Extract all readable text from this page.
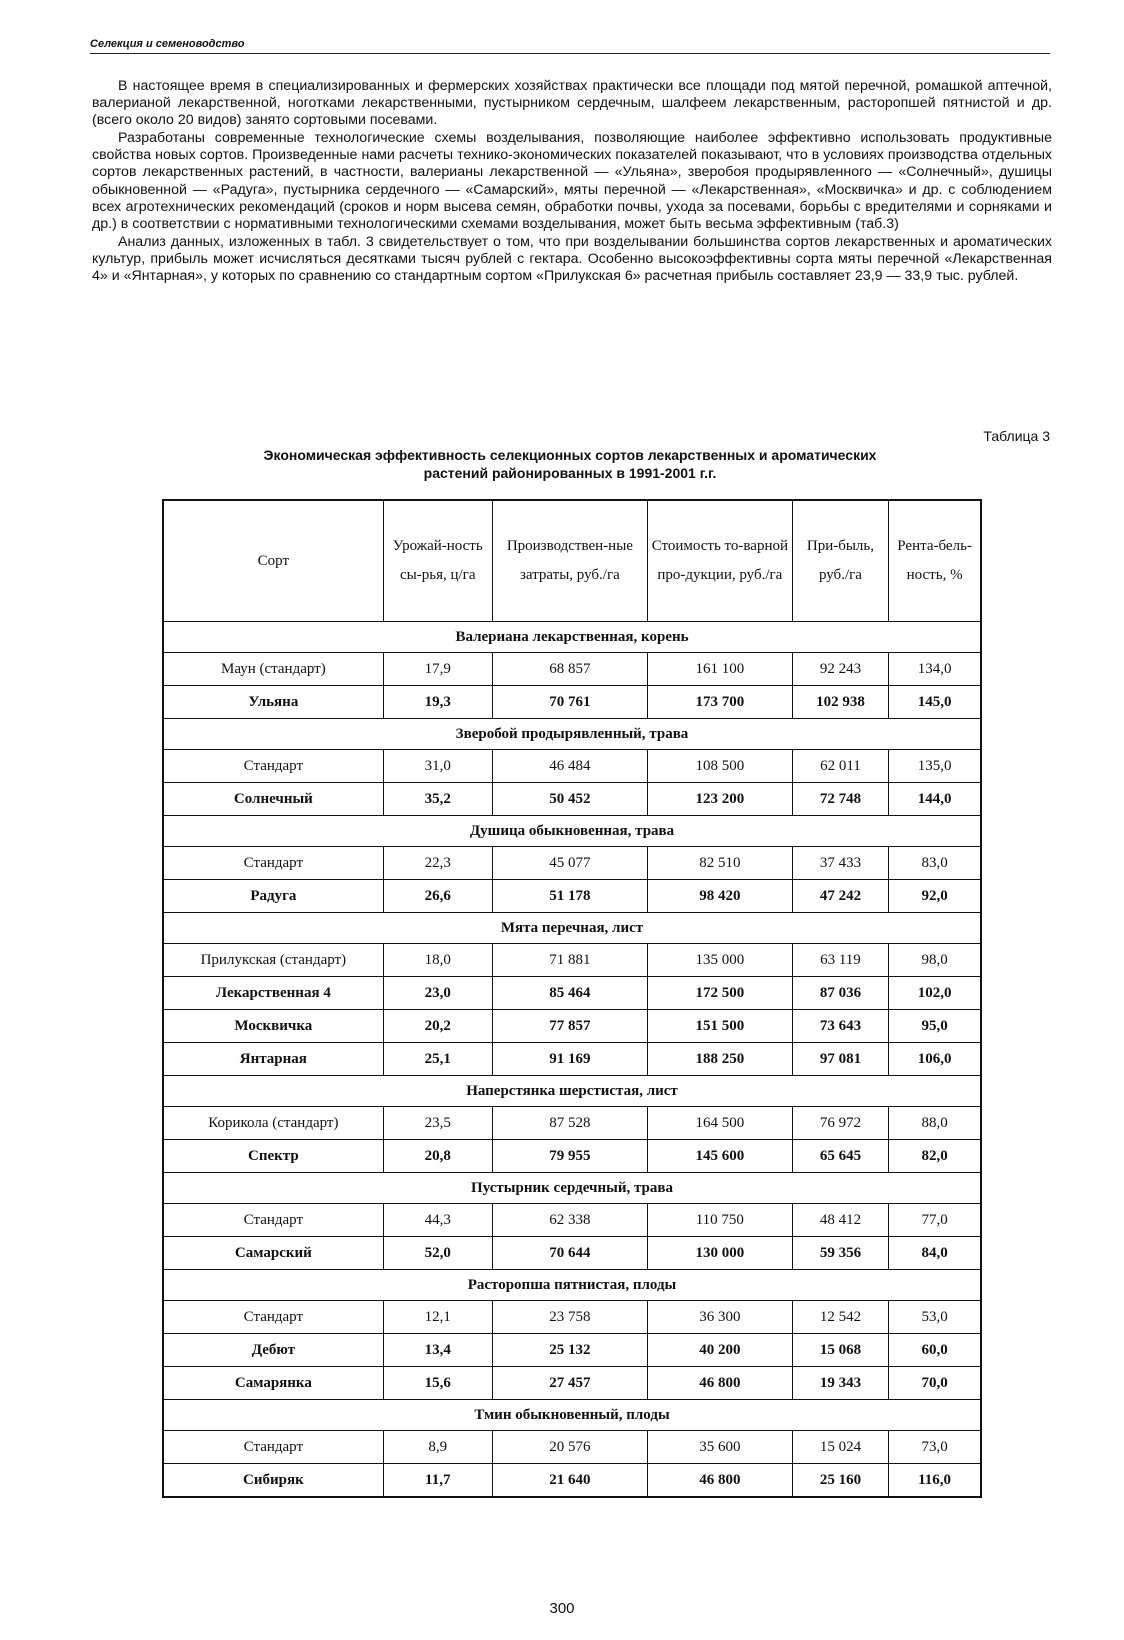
Селекция и семеноводство

В настоящее время в специализированных и фермерских хозяйствах практически все площади под мятой перечной, ромашкой аптечной, валерианой лекарственной, ноготками лекарственными, пустырником сердечным, шалфеем лекарственным, расторопшей пятнистой и др. (всего около 20 видов) занято сортовыми посевами.

Разработаны современные технологические схемы возделывания, позволяющие наиболее эффективно использовать продуктивные свойства новых сортов. Произведенные нами расчеты технико-экономических показателей показывают, что в условиях производства отдельных сортов лекарственных растений, в частности, валерианы лекарственной — «Ульяна», зверобоя продырявленного — «Солнечный», душицы обыкновенной — «Радуга», пустырника сердечного — «Самарский», мяты перечной — «Лекарственная», «Москвичка» и др. с соблюдением всех агротехнических рекомендаций (сроков и норм высева семян, обработки почвы, ухода за посевами, борьбы с вредителями и сорняками и др.) в соответствии с нормативными технологическими схемами возделывания, может быть весьма эффективным (таб.3)

Анализ данных, изложенных в табл. 3 свидетельствует о том, что при возделывании большинства сортов лекарственных и ароматических культур, прибыль может исчисляться десятками тысяч рублей с гектара. Особенно высокоэффективны сорта мяты перечной «Лекарственная 4» и «Янтарная», у которых по сравнению со стандартным сортом «Прилукская 6» расчетная прибыль составляет 23,9 — 33,9 тыс. рублей.

Таблица 3
Экономическая эффективность селекционных сортов лекарственных и ароматических
растений районированных в 1991-2001 г.г.
Сорт	Урожай-ность сы-рья, ц/га	Производствен-ные затраты, руб./га	Стоимость то-варной про-дукции, руб./га	При-быль, руб./га	Рента-бель-ность, %
Валериана лекарственная, корень					
Маун (стандарт)	17,9	68 857	161 100	92 243	134,0
Ульяна	19,3	70 761	173 700	102 938	145,0
Зверобой продырявленный, трава					
Стандарт	31,0	46 484	108 500	62 011	135,0
Солнечный	35,2	50 452	123 200	72 748	144,0
Душица обыкновенная, трава					
Стандарт	22,3	45 077	82 510	37 433	83,0
Радуга	26,6	51 178	98 420	47 242	92,0
Мята перечная, лист					
Прилукская (стандарт)	18,0	71 881	135 000	63 119	98,0
Лекарственная 4	23,0	85 464	172 500	87 036	102,0
Москвичка	20,2	77 857	151 500	73 643	95,0
Янтарная	25,1	91 169	188 250	97 081	106,0
Наперстянка шерстистая, лист					
Корикола (стандарт)	23,5	87 528	164 500	76 972	88,0
Спектр	20,8	79 955	145 600	65 645	82,0
Пустырник сердечный, трава					
Стандарт	44,3	62 338	110 750	48 412	77,0
Самарский	52,0	70 644	130 000	59 356	84,0
Расторопша пятнистая, плоды					
Стандарт	12,1	23 758	36 300	12 542	53,0
Дебют	13,4	25 132	40 200	15 068	60,0
Самарянка	15,6	27 457	46 800	19 343	70,0
Тмин обыкновенный, плоды					
Стандарт	8,9	20 576	35 600	15 024	73,0
Сибиряк	11,7	21 640	46 800	25 160	116,0
300
